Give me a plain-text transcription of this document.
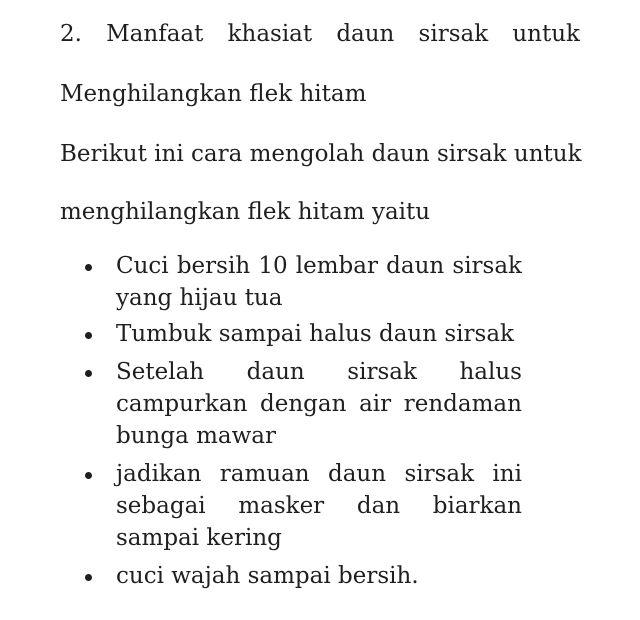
2. Manfaat khasiat daun sirsak untuk
Menghilangkan flek hitam
Berikut ini cara mengolah daun sirsak untuk
menghilangkan flek hitam yaitu
Cuci bersih 10 lembar daun sirsak
yang hijau tua
Tumbuk sampai halus daun sirsak
Setelah daun sirsak halus
campurkan dengan air rendaman
bunga mawar
jadikan ramuan daun sirsak ini
sebagai masker dan biarkan
sampai kering
cuci wajah sampai bersih.
